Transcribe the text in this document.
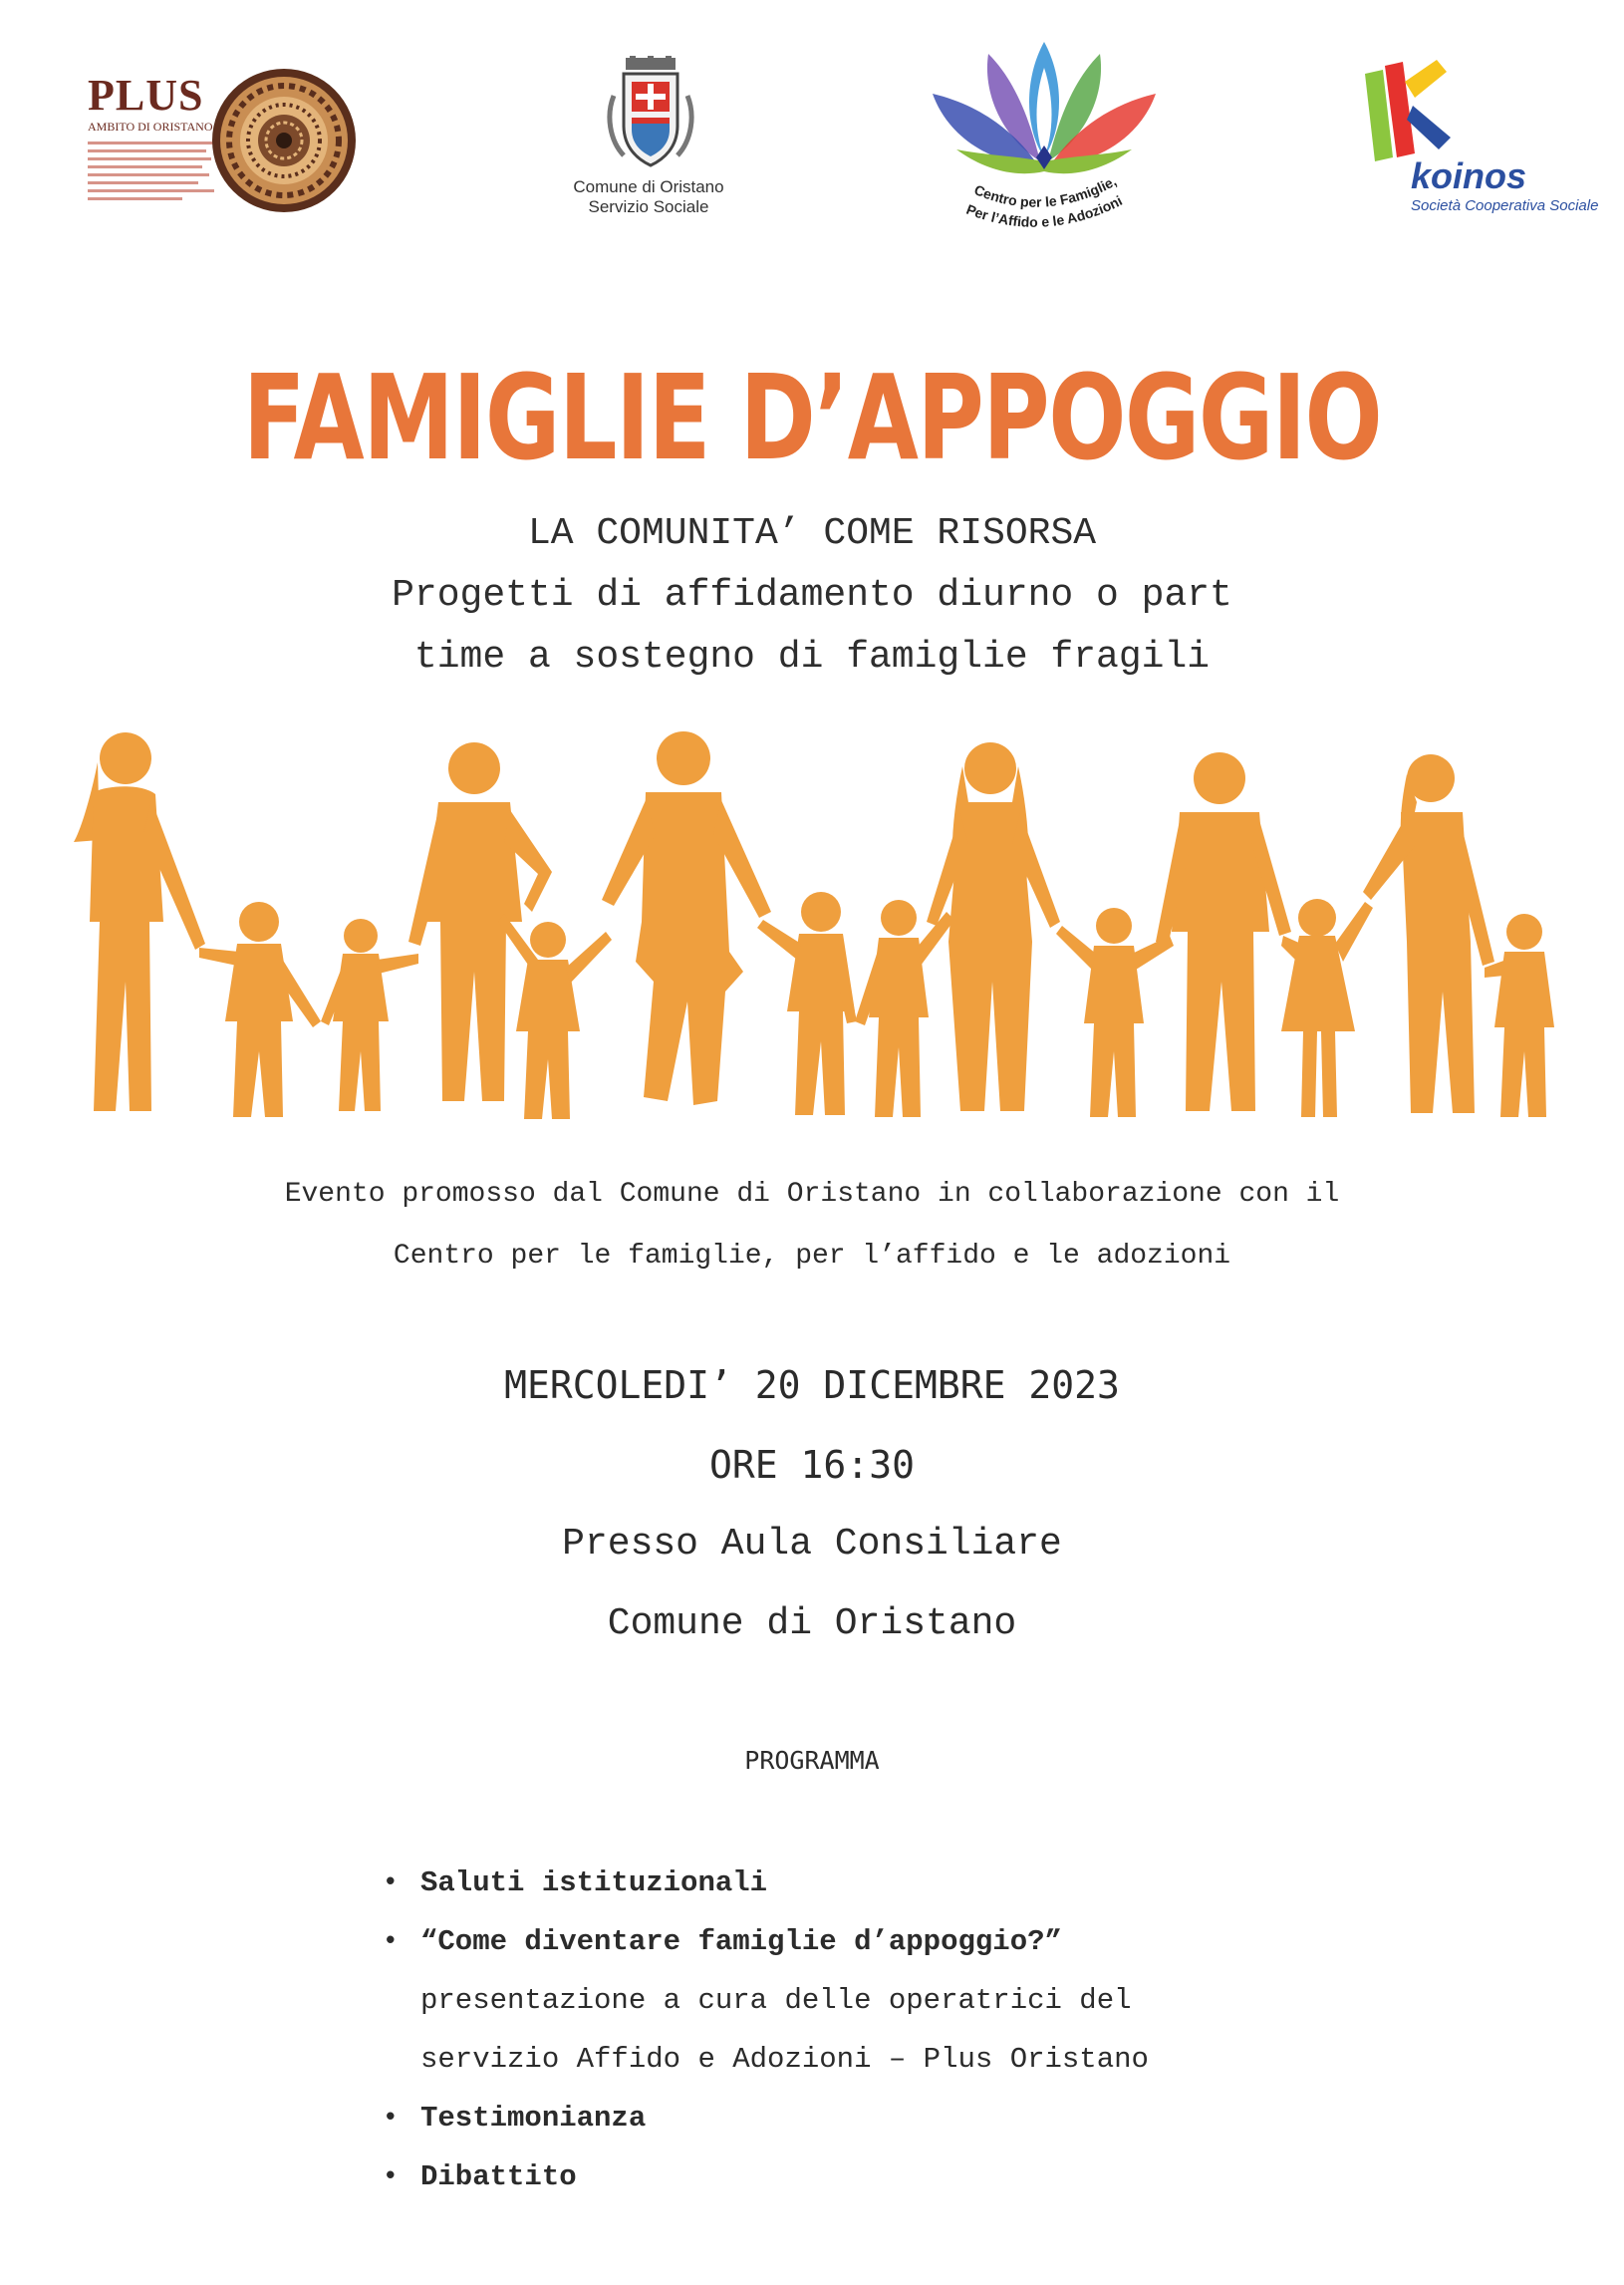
PLUS
AMBITO DI ORISTANO
Comune di Oristano
Servizio Sociale
Centro per le Famiglie,
Per l’Affido e le Adozioni
koinos
Società Cooperativa Sociale
FAMIGLIE D’APPOGGIO
LA COMUNITA’ COME RISORSA
Progetti di affidamento diurno o part
time a sostegno di famiglie fragili
Evento promosso dal Comune di Oristano in collaborazione con il
Centro per le famiglie, per l’affido e le adozioni
MERCOLEDI’ 20 DICEMBRE 2023
ORE 16:30
Presso Aula Consiliare
Comune di Oristano
PROGRAMMA
• Saluti istituzionali
• “Come diventare famiglie d’appoggio?”
presentazione a cura delle operatrici del
servizio Affido e Adozioni – Plus Oristano
• Testimonianza
• Dibattito
